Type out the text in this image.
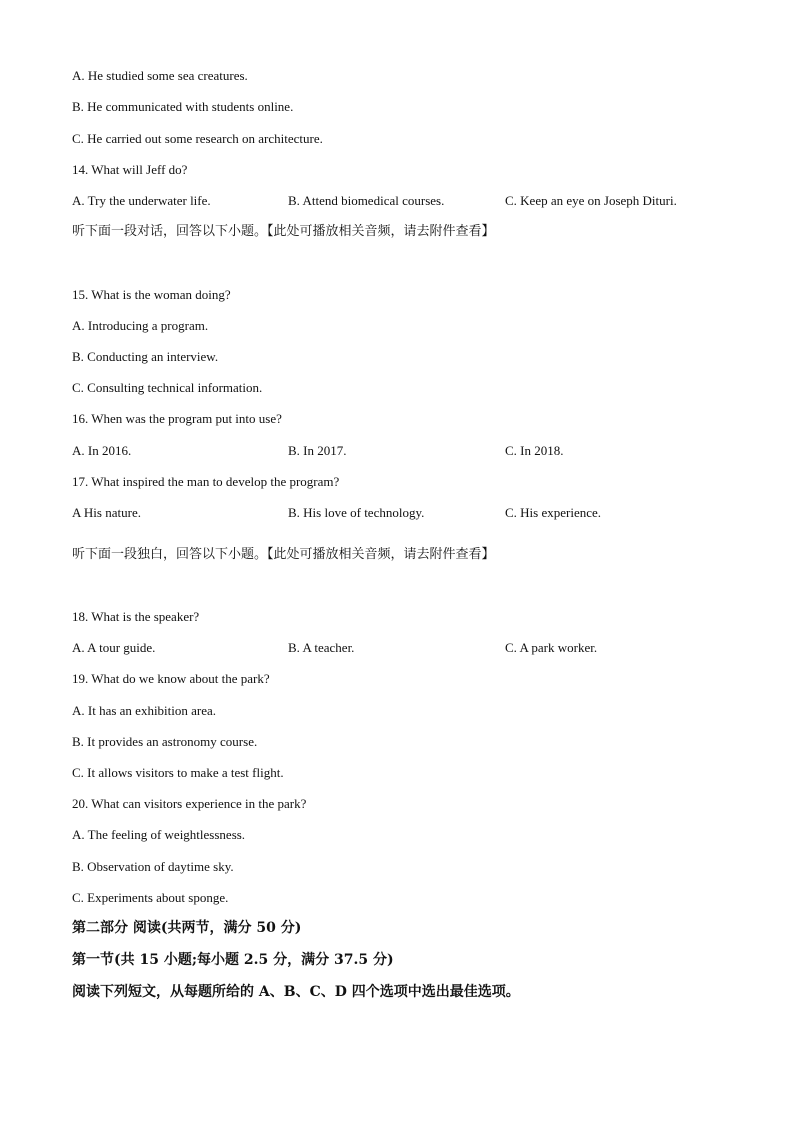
A. He studied some sea creatures.
B. He communicated with students online.
C. He carried out some research on architecture.
14. What will Jeff do?
A. Try the underwater life.	B. Attend biomedical courses.	C. Keep an eye on Joseph Dituri.
听下面一段对话，回答以下小题。【此处可播放相关音频，请去附件查看】
15. What is the woman doing?
A. Introducing a program.
B. Conducting an interview.
C. Consulting technical information.
16. When was the program put into use?
A. In 2016.	B. In 2017.	C. In 2018.
17. What inspired the man to develop the program?
A His nature.	B. His love of technology.	C. His experience.
听下面一段独白，回答以下小题。【此处可播放相关音频，请去附件查看】
18. What is the speaker?
A. A tour guide.	B. A teacher.	C. A park worker.
19. What do we know about the park?
A. It has an exhibition area.
B. It provides an astronomy course.
C. It allows visitors to make a test flight.
20. What can visitors experience in the park?
A. The feeling of weightlessness.
B. Observation of daytime sky.
C. Experiments about sponge.
第二部分 阅读(共两节，满分 50 分)
第一节(共 15 小题;每小题 2.5 分，满分 37.5 分)
阅读下列短文，从每题所给的 A、B、C、D 四个选项中选出最佳选项。
